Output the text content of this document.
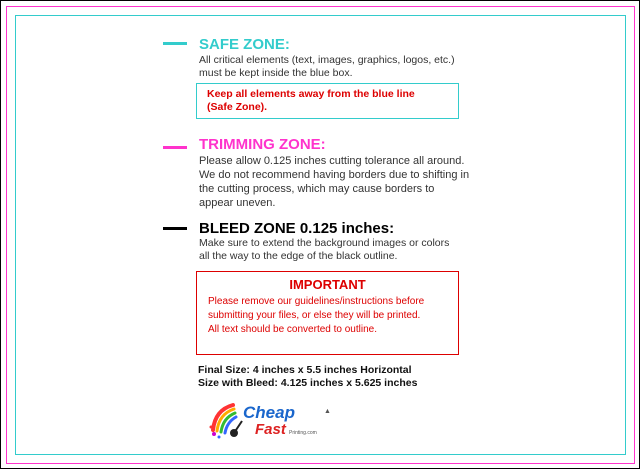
SAFE ZONE:
All critical elements (text, images, graphics, logos, etc.)
must be kept inside the blue box.
Keep all elements away from the blue line
(Safe Zone).
TRIMMING ZONE:
Please allow 0.125 inches cutting tolerance all around.
We do not recommend having borders due to shifting in
the cutting process, which may cause borders to
appear uneven.
BLEED ZONE 0.125 inches:
Make sure to extend the background images or colors
all the way to the edge of the black outline.
IMPORTANT
Please remove our guidelines/instructions before
submitting your files, or else they will be printed.
All text should be converted to outline.
Final Size: 4 inches x 5.5 inches Horizontal
Size with Bleed: 4.125 inches x 5.625 inches
Cheap
Fast Printing.com
▲
